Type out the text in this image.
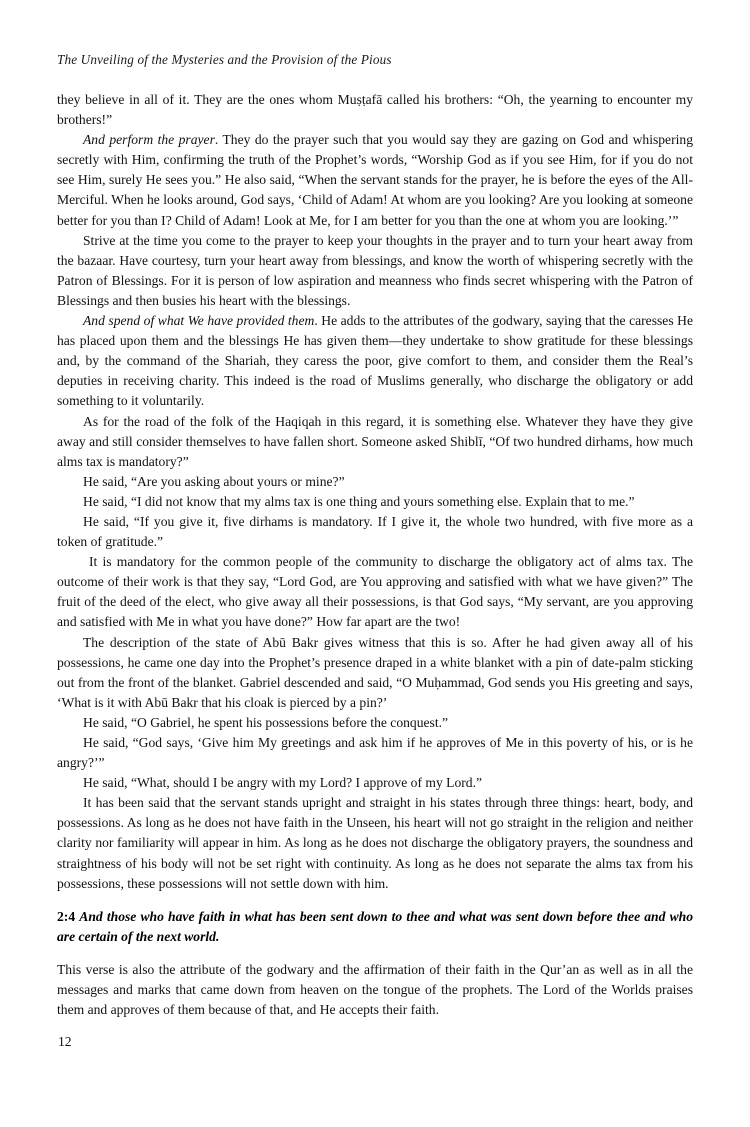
The Unveiling of the Mysteries and the Provision of the Pious

they believe in all of it. They are the ones whom Muṣṭafā called his brothers: “Oh, the yearning to encounter my brothers!”

And perform the prayer. They do the prayer such that you would say they are gazing on God and whispering secretly with Him, confirming the truth of the Prophet’s words, “Worship God as if you see Him, for if you do not see Him, surely He sees you.” He also said, “When the servant stands for the prayer, he is before the eyes of the All-Merciful. When he looks around, God says, ‘Child of Adam! At whom are you looking? Are you looking at someone better for you than I? Child of Adam! Look at Me, for I am better for you than the one at whom you are looking.’”

Strive at the time you come to the prayer to keep your thoughts in the prayer and to turn your heart away from the bazaar. Have courtesy, turn your heart away from blessings, and know the worth of whispering secretly with the Patron of Blessings. For it is person of low aspiration and meanness who finds secret whispering with the Patron of Blessings and then busies his heart with the blessings.

And spend of what We have provided them. He adds to the attributes of the godwary, saying that the caresses He has placed upon them and the blessings He has given them—they undertake to show gratitude for these blessings and, by the command of the Shariah, they caress the poor, give comfort to them, and consider them the Real’s deputies in receiving charity. This indeed is the road of Muslims generally, who discharge the obligatory or add something to it voluntarily.

As for the road of the folk of the Haqiqah in this regard, it is something else. Whatever they have they give away and still consider themselves to have fallen short. Someone asked Shiblī, “Of two hundred dirhams, how much alms tax is mandatory?”

He said, “Are you asking about yours or mine?”

He said, “I did not know that my alms tax is one thing and yours something else. Explain that to me.”

He said, “If you give it, five dirhams is mandatory. If I give it, the whole two hundred, with five more as a token of gratitude.”

It is mandatory for the common people of the community to discharge the obligatory act of alms tax. The outcome of their work is that they say, “Lord God, are You approving and satisfied with what we have given?” The fruit of the deed of the elect, who give away all their possessions, is that God says, “My servant, are you approving and satisfied with Me in what you have done?” How far apart are the two!

The description of the state of Abū Bakr gives witness that this is so. After he had given away all of his possessions, he came one day into the Prophet’s presence draped in a white blanket with a pin of date-palm sticking out from the front of the blanket. Gabriel descended and said, “O Muḥammad, God sends you His greeting and says, ‘What is it with Abū Bakr that his cloak is pierced by a pin?’

He said, “O Gabriel, he spent his possessions before the conquest.”

He said, “God says, ‘Give him My greetings and ask him if he approves of Me in this poverty of his, or is he angry?’”

He said, “What, should I be angry with my Lord? I approve of my Lord.”

It has been said that the servant stands upright and straight in his states through three things: heart, body, and possessions. As long as he does not have faith in the Unseen, his heart will not go straight in the religion and neither clarity nor familiarity will appear in him. As long as he does not discharge the obligatory prayers, the soundness and straightness of his body will not be set right with continuity. As long as he does not separate the alms tax from his possessions, these possessions will not settle down with him.

2:4 And those who have faith in what has been sent down to thee and what was sent down before thee and who are certain of the next world.

This verse is also the attribute of the godwary and the affirmation of their faith in the Qur’an as well as in all the messages and marks that came down from heaven on the tongue of the prophets. The Lord of the Worlds praises them and approves of them because of that, and He accepts their faith.

12
